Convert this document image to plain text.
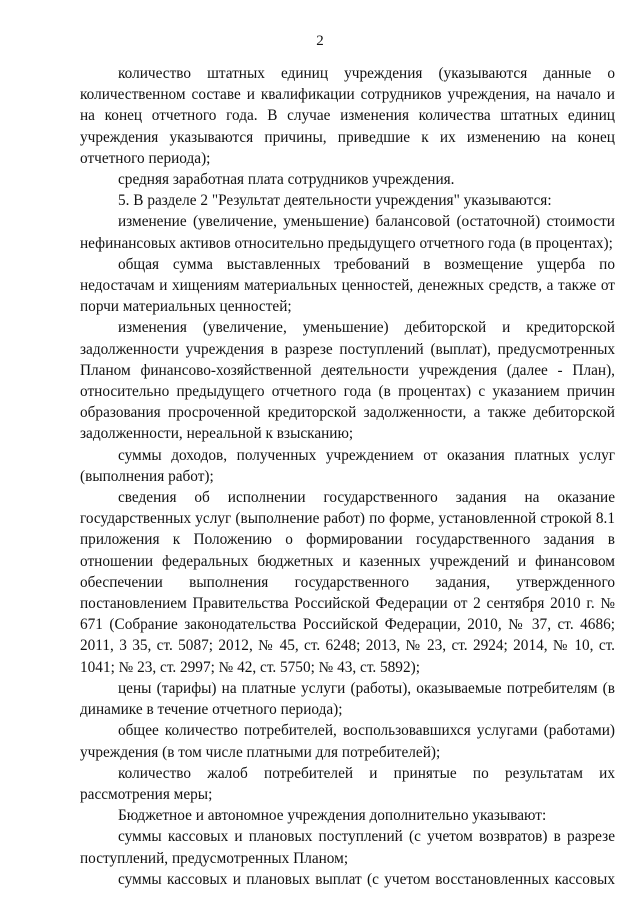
2

количество штатных единиц учреждения (указываются данные о количественном составе и квалификации сотрудников учреждения, на начало и на конец отчетного года. В случае изменения количества штатных единиц учреждения указываются причины, приведшие к их изменению на конец отчетного периода);

средняя заработная плата сотрудников учреждения.

5. В разделе 2 "Результат деятельности учреждения" указываются:

изменение (увеличение, уменьшение) балансовой (остаточной) стоимости нефинансовых активов относительно предыдущего отчетного года (в процентах);

общая сумма выставленных требований в возмещение ущерба по недостачам и хищениям материальных ценностей, денежных средств, а также от порчи материальных ценностей;

изменения (увеличение, уменьшение) дебиторской и кредиторской задолженности учреждения в разрезе поступлений (выплат), предусмотренных Планом финансово-хозяйственной деятельности учреждения (далее - План), относительно предыдущего отчетного года (в процентах) с указанием причин образования просроченной кредиторской задолженности, а также дебиторской задолженности, нереальной к взысканию;

суммы доходов, полученных учреждением от оказания платных услуг (выполнения работ);

сведения об исполнении государственного задания на оказание государственных услуг (выполнение работ) по форме, установленной строкой 8.1 приложения к Положению о формировании государственного задания в отношении федеральных бюджетных и казенных учреждений и финансовом обеспечении выполнения государственного задания, утвержденного постановлением Правительства Российской Федерации от 2 сентября 2010 г. № 671 (Собрание законодательства Российской Федерации, 2010, № 37, ст. 4686; 2011, 3 35, ст. 5087; 2012, № 45, ст. 6248; 2013, № 23, ст. 2924; 2014, № 10, ст. 1041; № 23, ст. 2997; № 42, ст. 5750; № 43, ст. 5892);

цены (тарифы) на платные услуги (работы), оказываемые потребителям (в динамике в течение отчетного периода);

общее количество потребителей, воспользовавшихся услугами (работами) учреждения (в том числе платными для потребителей);

количество жалоб потребителей и принятые по результатам их рассмотрения меры;

Бюджетное и автономное учреждения дополнительно указывают:

суммы кассовых и плановых поступлений (с учетом возвратов) в разрезе поступлений, предусмотренных Планом;

суммы кассовых и плановых выплат (с учетом восстановленных кассовых
